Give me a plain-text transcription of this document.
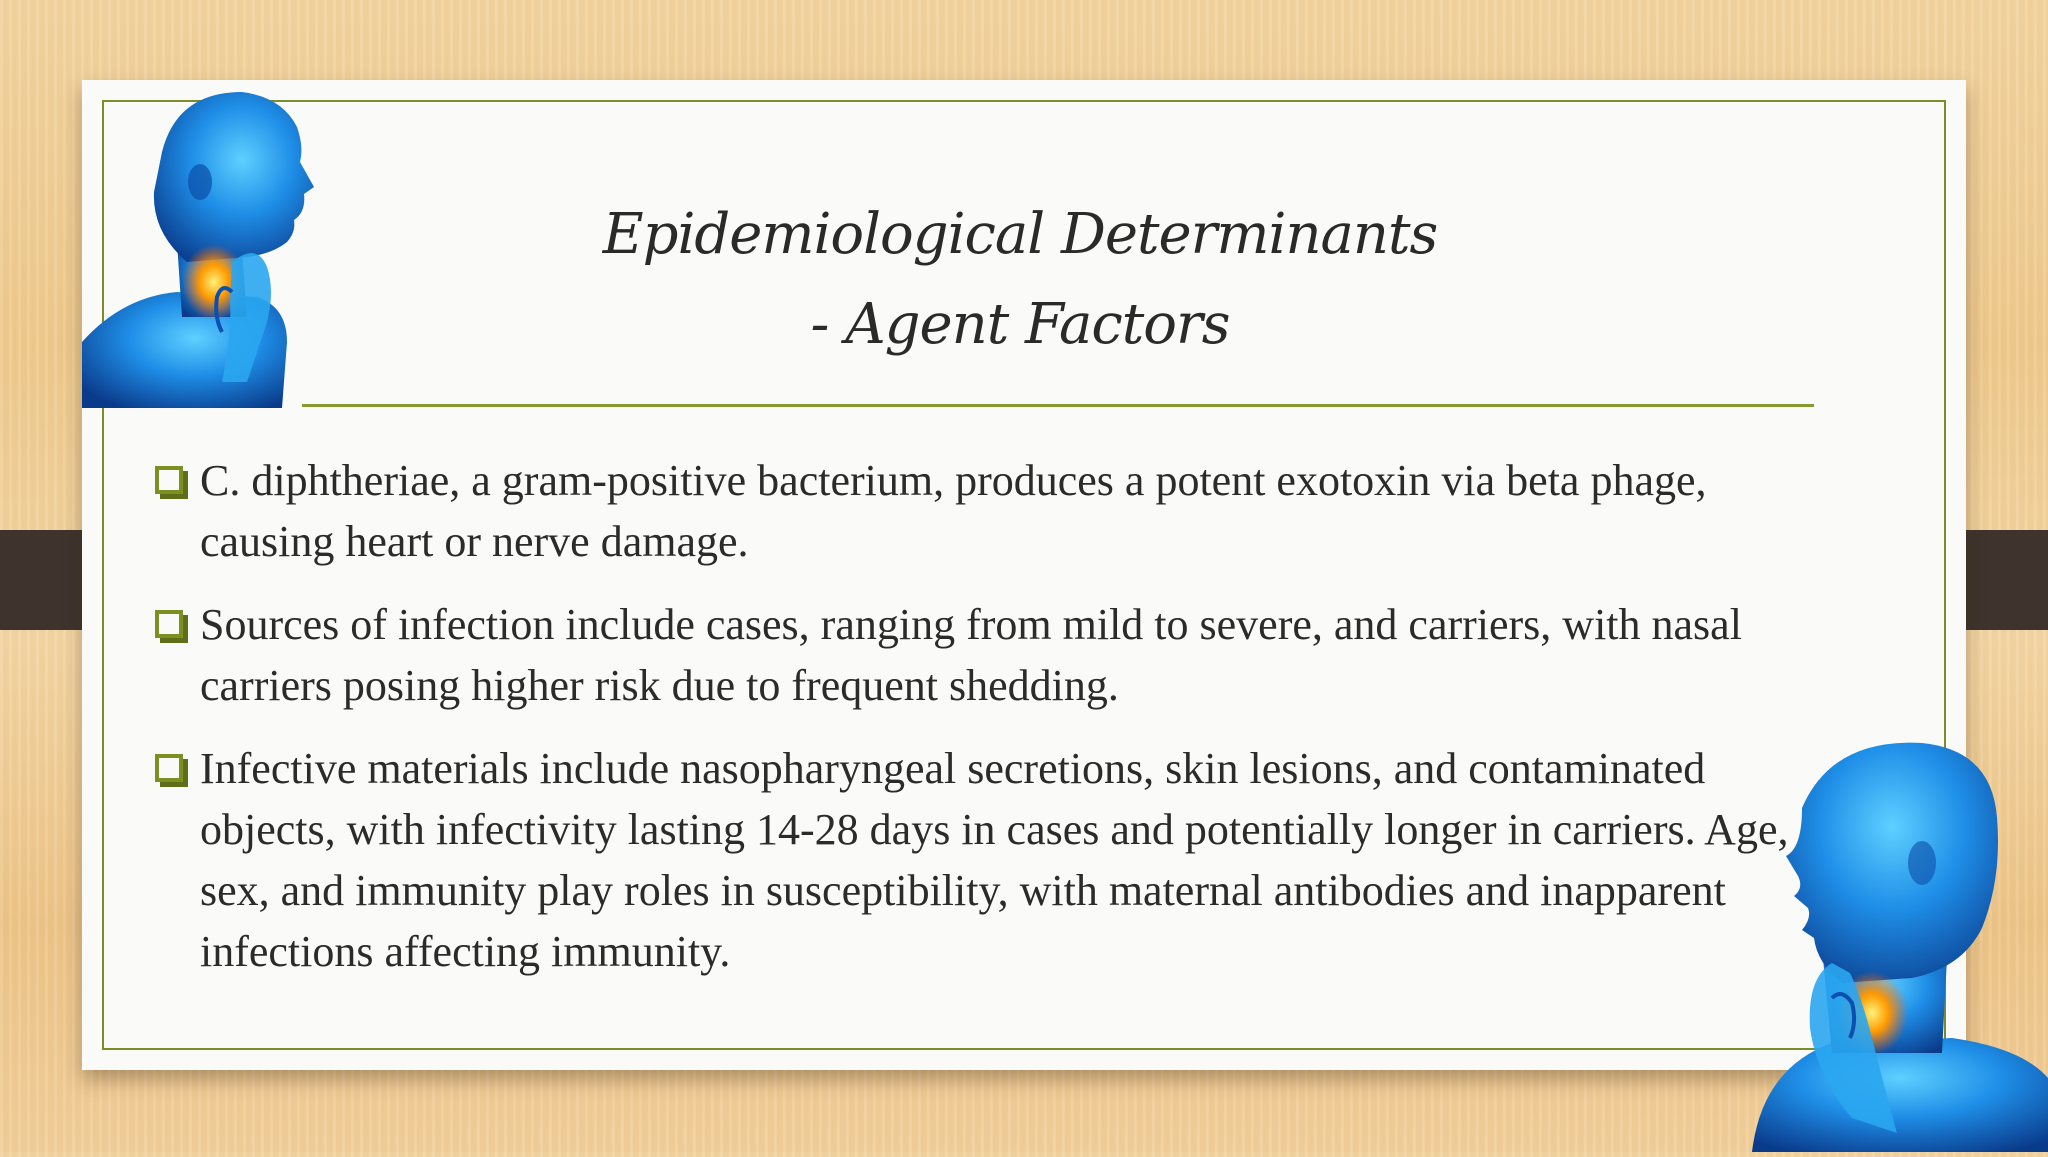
Epidemiological Determinants
- Agent Factors
C. diphtheriae, a gram-positive bacterium, produces a potent exotoxin via beta phage, causing heart or nerve damage.
Sources of infection include cases, ranging from mild to severe, and carriers, with nasal carriers posing higher risk due to frequent shedding.
Infective materials include nasopharyngeal secretions, skin lesions, and contaminated objects, with infectivity lasting 14-28 days in cases and potentially longer in carriers. Age, sex, and immunity play roles in susceptibility, with maternal antibodies and inapparent infections affecting immunity.
